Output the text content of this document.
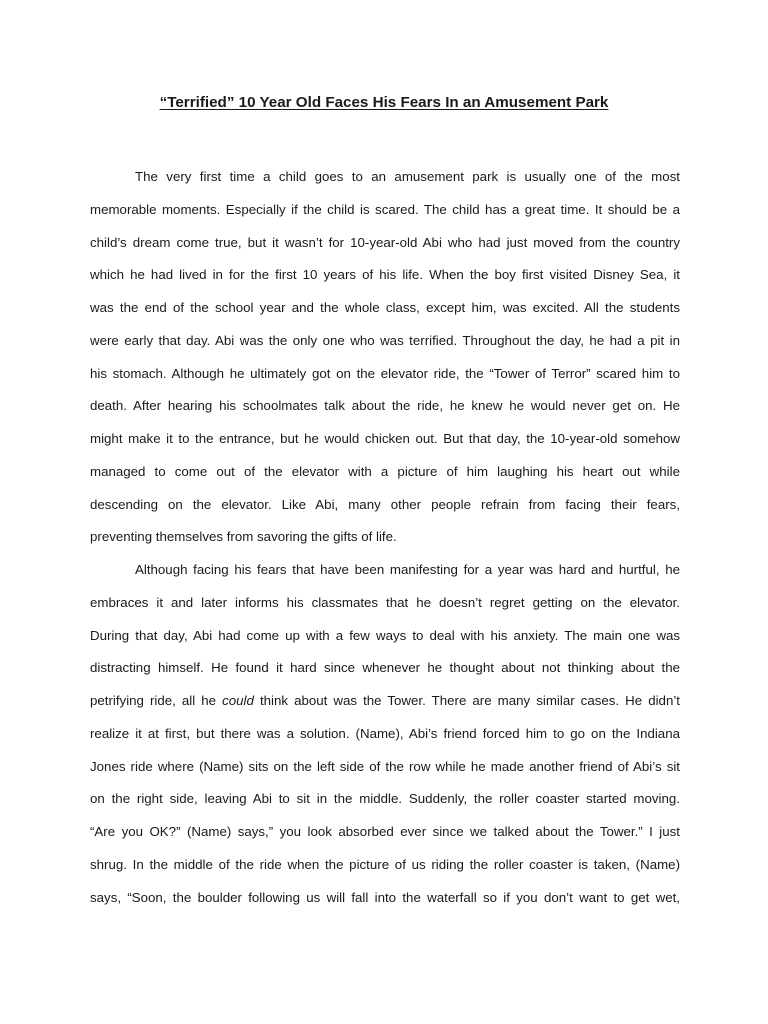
“Terrified” 10 Year Old Faces His Fears In an Amusement Park
The very first time a child goes to an amusement park is usually one of the most
memorable moments. Especially if the child is scared. The child has a great time. It should be a
child’s dream come true, but it wasn’t for 10-year-old Abi who had just moved from the country
which he had lived in for the first 10 years of his life. When the boy first visited Disney Sea, it
was the end of the school year and the whole class, except him, was excited. All the students
were early that day. Abi was the only one who was terrified. Throughout the day, he had a pit in
his stomach. Although he ultimately got on the elevator ride, the “Tower of Terror” scared him to
death. After hearing his schoolmates talk about the ride, he knew he would never get on. He
might make it to the entrance, but he would chicken out. But that day, the 10-year-old somehow
managed to come out of the elevator with a picture of him laughing his heart out while
descending on the elevator. Like Abi, many other people refrain from facing their fears,
preventing themselves from savoring the gifts of life.
Although facing his fears that have been manifesting for a year was hard and hurtful, he
embraces it and later informs his classmates that he doesn’t regret getting on the elevator.
During that day, Abi had come up with a few ways to deal with his anxiety. The main one was
distracting himself. He found it hard since whenever he thought about not thinking about the
petrifying ride, all he could think about was the Tower. There are many similar cases. He didn’t
realize it at first, but there was a solution. (Name), Abi’s friend forced him to go on the Indiana
Jones ride where (Name) sits on the left side of the row while he made another friend of Abi’s sit
on the right side, leaving Abi to sit in the middle. Suddenly, the roller coaster started moving.
“Are you OK?” (Name) says,” you look absorbed ever since we talked about the Tower.” I just
shrug. In the middle of the ride when the picture of us riding the roller coaster is taken, (Name)
says, “Soon, the boulder following us will fall into the waterfall so if you don’t want to get wet,
